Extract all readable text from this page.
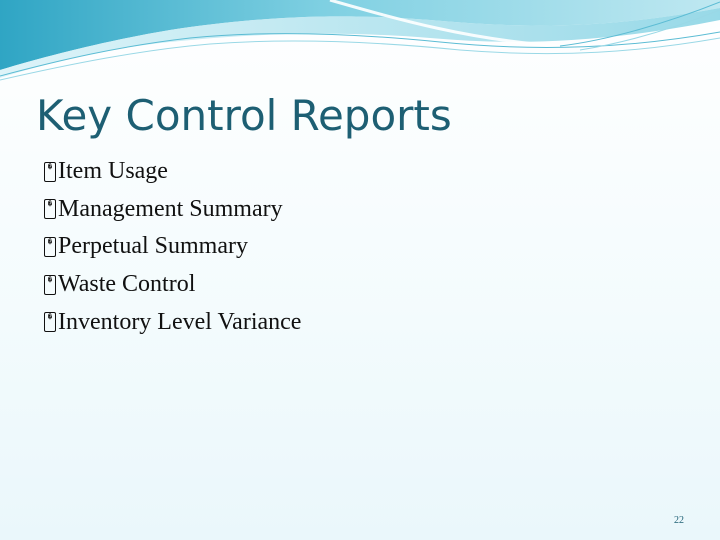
Key Control Reports
� Item Usage
� Management Summary
� Perpetual Summary
� Waste Control
� Inventory Level Variance
22
